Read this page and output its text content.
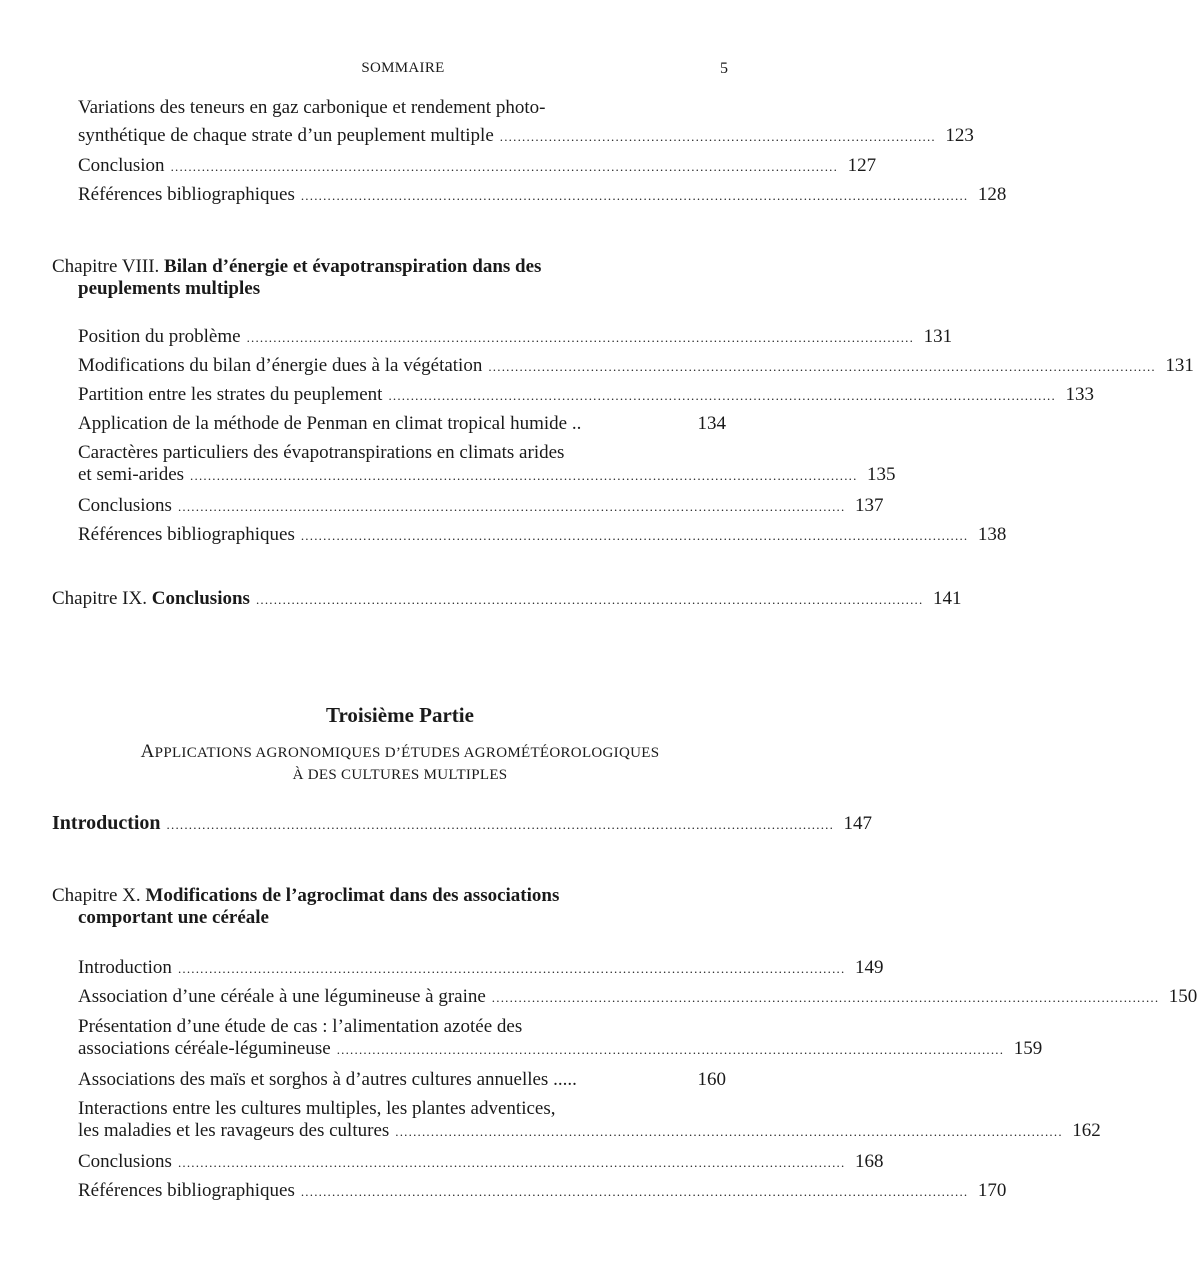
SOMMAIRE	5
Variations des teneurs en gaz carbonique et rendement photo-
synthétique de chaque strate d’un peuplement multiple .................................................................................................. 123
Conclusion ...................................................................................................................................................... 127
Références bibliographiques ...................................................................................................................................................... 128
Chapitre VIII. Bilan d’énergie et évapotranspiration dans des
peuplements multiples
Position du problème ...................................................................................................................................................... 131
Modifications du bilan d’énergie dues à la végétation ...................................................................................................................................................... 131
Partition entre les strates du peuplement ...................................................................................................................................................... 133
Application de la méthode de Penman en climat tropical humide ..	134
Caractères particuliers des évapotranspirations en climats arides
et semi-arides ...................................................................................................................................................... 135
Conclusions ...................................................................................................................................................... 137
Références bibliographiques ...................................................................................................................................................... 138
Chapitre IX. Conclusions ...................................................................................................................................................... 141
Troisième Partie
APPLICATIONS AGRONOMIQUES D’ÉTUDES AGROMÉTÉOROLOGIQUES
À DES CULTURES MULTIPLES
Introduction ...................................................................................................................................................... 147
Chapitre X. Modifications de l’agroclimat dans des associations
comportant une céréale
Introduction ...................................................................................................................................................... 149
Association d’une céréale à une légumineuse à graine ...................................................................................................................................................... 150
Présentation d’une étude de cas : l’alimentation azotée des
associations céréale-légumineuse ...................................................................................................................................................... 159
Associations des maïs et sorghos à d’autres cultures annuelles .....	160
Interactions entre les cultures multiples, les plantes adventices,
les maladies et les ravageurs des cultures ...................................................................................................................................................... 162
Conclusions ...................................................................................................................................................... 168
Références bibliographiques ...................................................................................................................................................... 170
